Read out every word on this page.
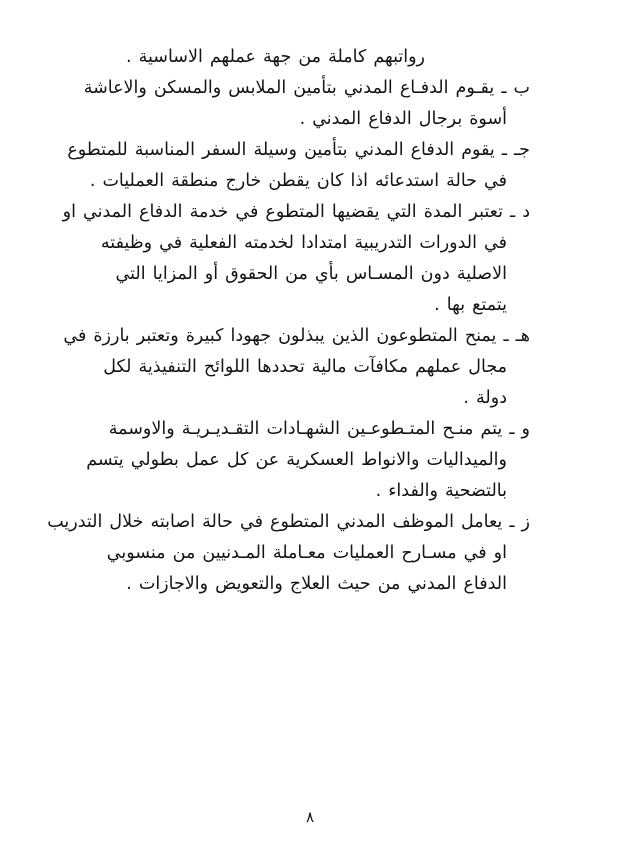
رواتبهم كاملة من جهة عملهم الاساسية .
ب ـ يقـوم الدفـاع المدني بتأمين الملابس والمسكن والاعاشة
أسوة برجال الدفاع المدني .
جـ ـ يقوم الدفاع المدني بتأمين وسيلة السفر المناسبة للمتطوع
في حالة استدعائه اذا كان يقطن خارج منطقة العمليات .
د ـ تعتبر المدة التي يقضيها المتطوع في خدمة الدفاع المدني او
في الدورات التدريبية امتدادا لخدمته الفعلية في وظيفته
الاصلية دون المسـاس بأي من الحقوق أو المزايا التي
يتمتع بها .
هـ ـ يمنح المتطوعون الذين يبذلون جهودا كبيرة وتعتبر بارزة في
مجال عملهم مكافآت مالية تحددها اللوائح التنفيذية لكل
دولة .
و ـ يتم منـح المتـطوعـين الشهـادات التقـديـريـة والاوسمة
والميداليات والانواط العسكرية عن كل عمل بطولي يتسم
بالتضحية والفداء .
ز ـ يعامل الموظف المدني المتطوع في حالة اصابته خلال التدريب
او في مسـارح العمليات معـاملة المـدنيين من منسوبي
الدفاع المدني من حيث العلاج والتعويض والاجازات .
٨
